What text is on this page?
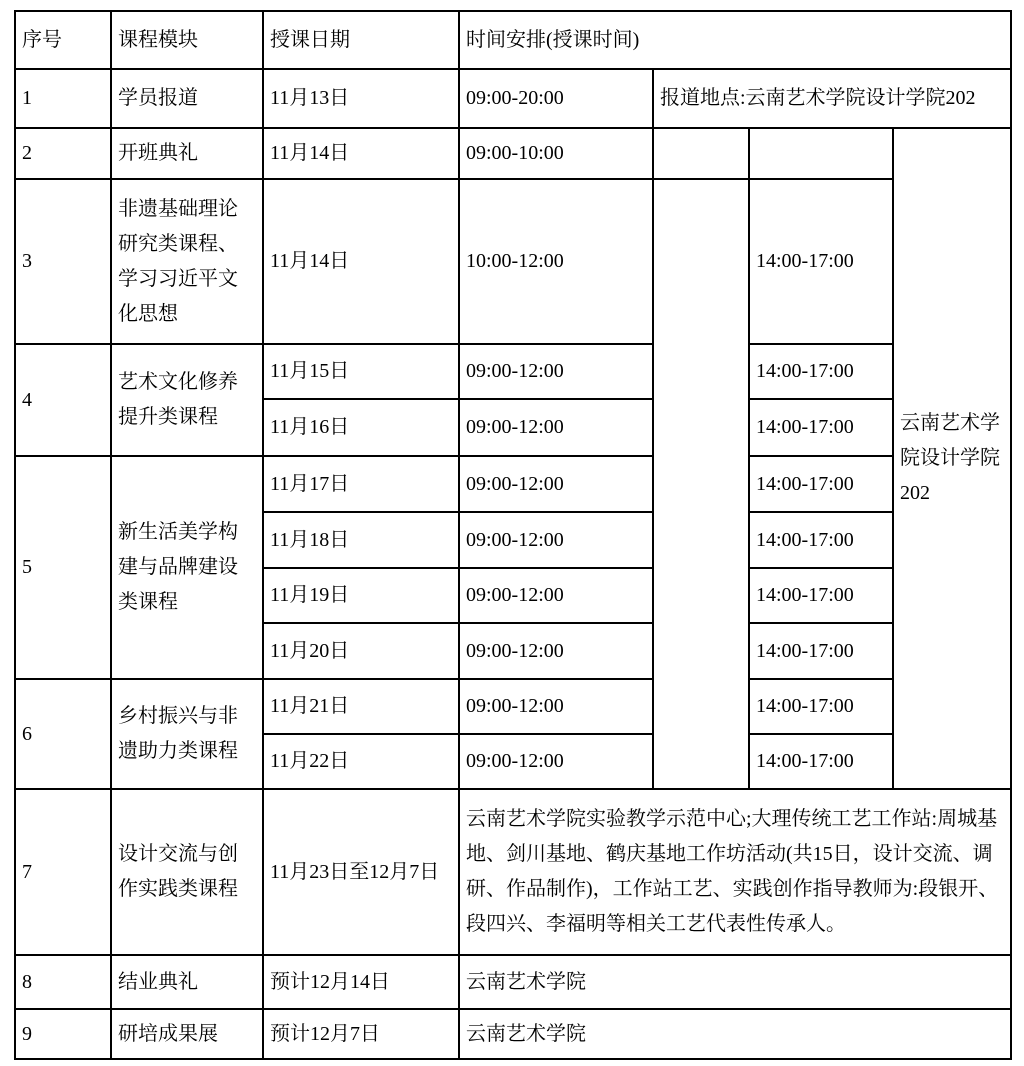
序号	课程模块	授课日期	时间安排(授课时间)			
1	学员报道	11月13日	09:00-20:00	报道地点:云南艺术学院设计学院202		
2	开班典礼	11月14日	09:00-10:00			云南艺术学院设计学院202
3	非遗基础理论研究类课程、学习习近平文化思想	11月14日	10:00-12:00		14:00-17:00	
4	艺术文化修养提升类课程	11月15日	09:00-12:00		14:00-17:00	
		11月16日	09:00-12:00		14:00-17:00	
5	新生活美学构建与品牌建设类课程	11月17日	09:00-12:00		14:00-17:00	
		11月18日	09:00-12:00		14:00-17:00	
		11月19日	09:00-12:00		14:00-17:00	
		11月20日	09:00-12:00		14:00-17:00	
6	乡村振兴与非遗助力类课程	11月21日	09:00-12:00		14:00-17:00	
		11月22日	09:00-12:00		14:00-17:00	
7	设计交流与创作实践类课程	11月23日至12月7日	云南艺术学院实验教学示范中心;大理传统工艺工作站:周城基地、剑川基地、鹤庆基地工作坊活动(共15日，设计交流、调研、作品制作)，工作站工艺、实践创作指导教师为:段银开、段四兴、李福明等相关工艺代表性传承人。			
8	结业典礼	预计12月14日	云南艺术学院			
9	研培成果展	预计12月7日	云南艺术学院			
